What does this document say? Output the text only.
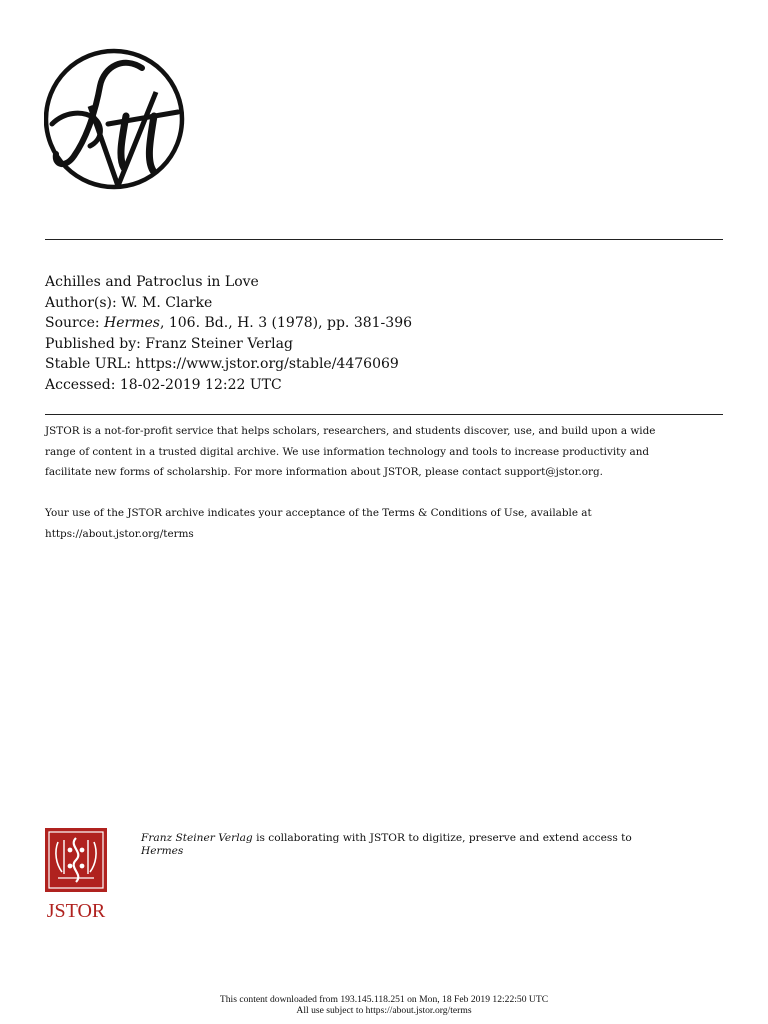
Achilles and Patroclus in Love
Author(s): W. M. Clarke
Source: Hermes, 106. Bd., H. 3 (1978), pp. 381-396
Published by: Franz Steiner Verlag
Stable URL: https://www.jstor.org/stable/4476069
Accessed: 18-02-2019 12:22 UTC
JSTOR is a not-for-profit service that helps scholars, researchers, and students discover, use, and build upon a wide
range of content in a trusted digital archive. We use information technology and tools to increase productivity and
facilitate new forms of scholarship. For more information about JSTOR, please contact support@jstor.org.
Your use of the JSTOR archive indicates your acceptance of the Terms & Conditions of Use, available at
https://about.jstor.org/terms
JSTOR
Franz Steiner Verlag is collaborating with JSTOR to digitize, preserve and extend access to
Hermes
This content downloaded from 193.145.118.251 on Mon, 18 Feb 2019 12:22:50 UTC
All use subject to https://about.jstor.org/terms
